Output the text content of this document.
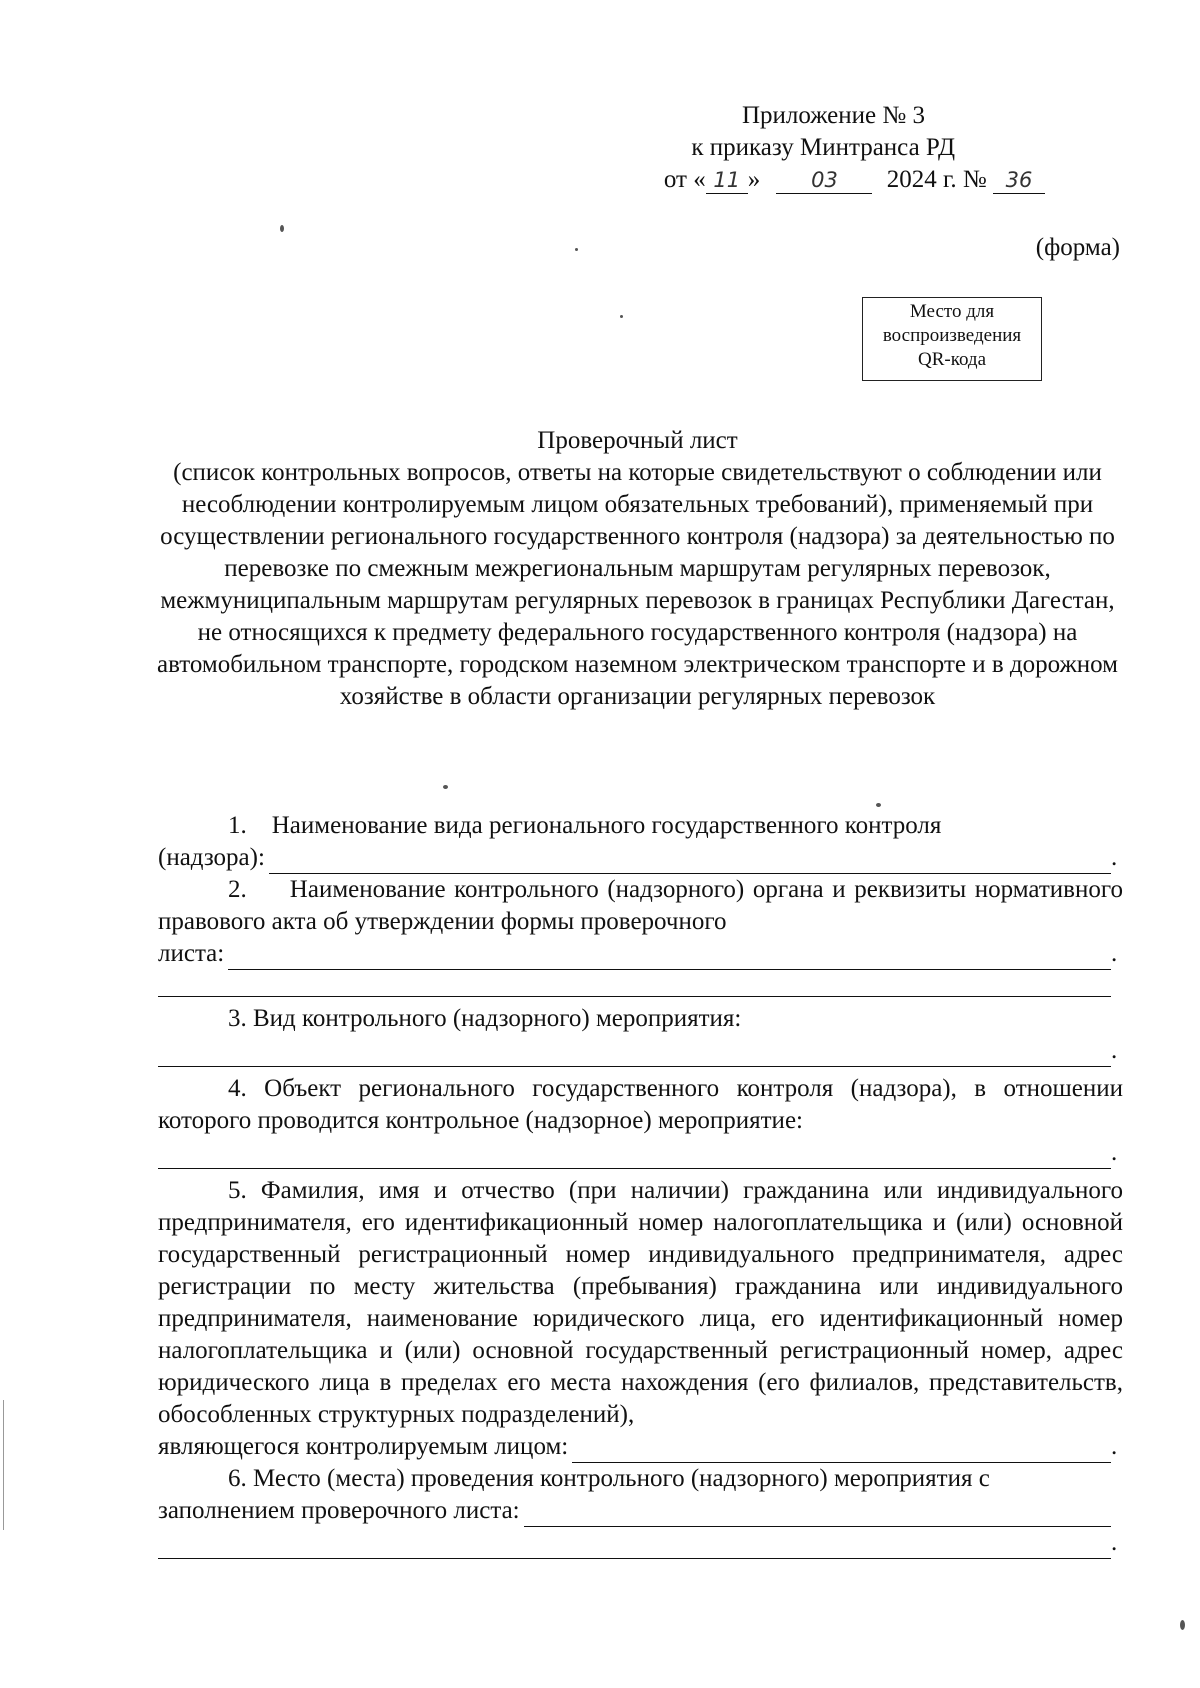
Приложение № 3
к приказу Минтранса РД
от « 11 » 03 2024 г. № 36
(форма)
Место для
воспроизведения
QR-кода
Проверочный лист
(список контрольных вопросов, ответы на которые свидетельствуют о соблюдении или несоблюдении контролируемым лицом обязательных требований), применяемый при осуществлении регионального государственного контроля (надзора) за деятельностью по перевозке по смежным межрегиональным маршрутам регулярных перевозок, межмуниципальным маршрутам регулярных перевозок в границах Республики Дагестан, не относящихся к предмету федерального государственного контроля (надзора) на автомобильном транспорте, городском наземном электрическом транспорте и в дорожном хозяйстве в области организации регулярных перевозок

1.    Наименование вида регионального государственного контроля

(надзора):	.

2.     Наименование контрольного (надзорного) органа и реквизиты нормативного правового акта об утверждении формы проверочного

листа:	.

3. Вид контрольного (надзорного) мероприятия:

.

4. Объект регионального государственного контроля (надзора), в отношении которого проводится контрольное (надзорное) мероприятие:

.

5. Фамилия, имя и отчество (при наличии) гражданина или индивидуального предпринимателя, его идентификационный номер налогоплательщика и (или) основной государственный регистрационный номер индивидуального предпринимателя, адрес регистрации по месту жительства (пребывания) гражданина или индивидуального предпринимателя, наименование юридического лица, его идентификационный номер налогоплательщика и (или) основной государственный регистрационный номер, адрес юридического лица в пределах его места нахождения (его филиалов, представительств, обособленных структурных подразделений),

являющегося контролируемым лицом:	.

6. Место (места) проведения контрольного (надзорного) мероприятия с

заполнением проверочного листа:
.
